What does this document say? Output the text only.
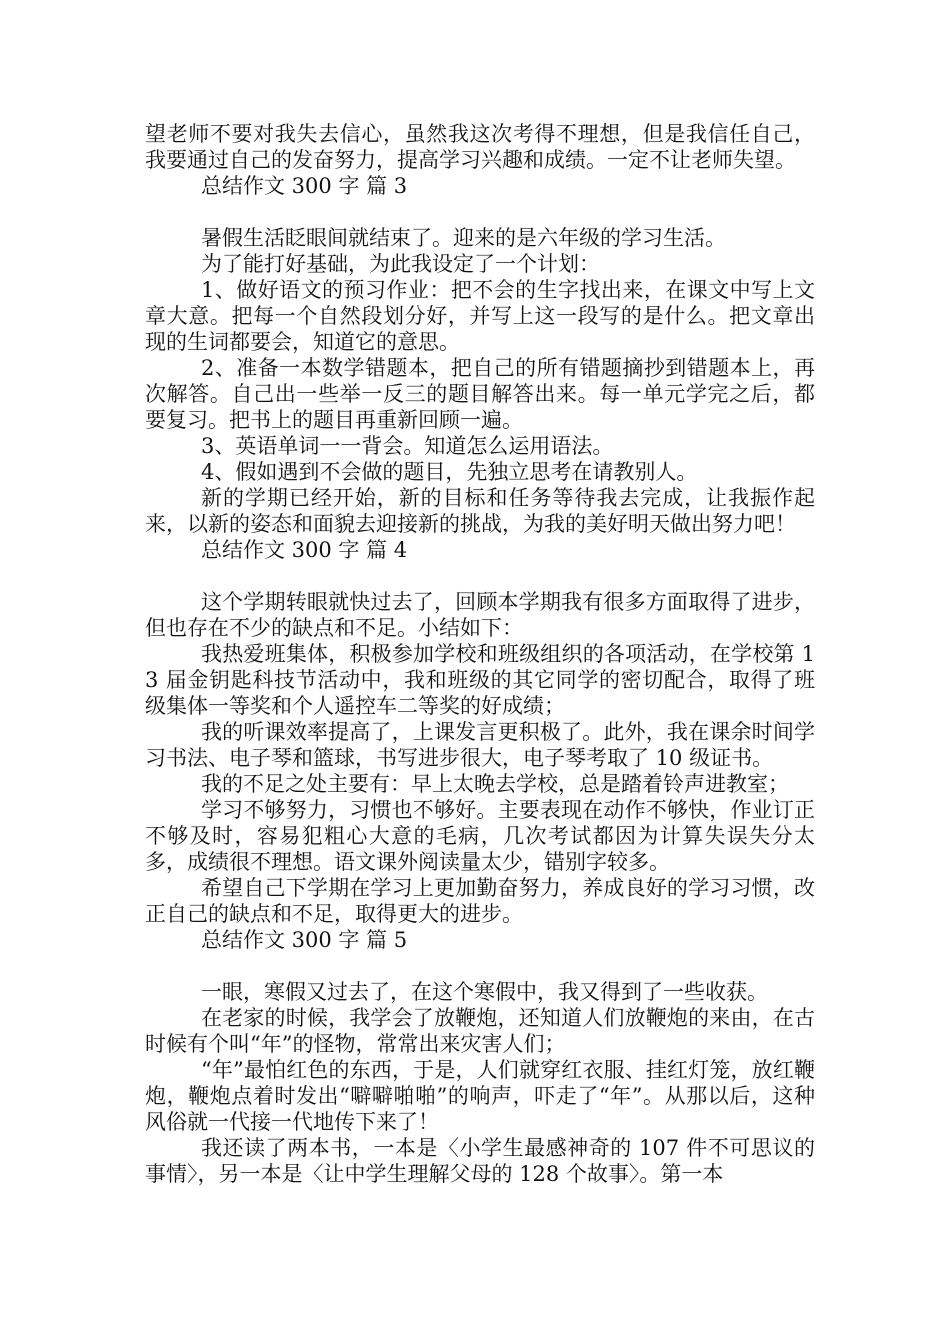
望老师不要对我失去信心，虽然我这次考得不理想，但是我信任自己，我要通过自己的发奋努力，提高学习兴趣和成绩。一定不让老师失望。

总结作文 300 字 篇 3

暑假生活眨眼间就结束了。迎来的是六年级的学习生活。

为了能打好基础，为此我设定了一个计划：

1、做好语文的预习作业：把不会的生字找出来，在课文中写上文章大意。把每一个自然段划分好，并写上这一段写的是什么。把文章出现的生词都要会，知道它的意思。

2、准备一本数学错题本，把自己的所有错题摘抄到错题本上，再次解答。自己出一些举一反三的题目解答出来。每一单元学完之后，都要复习。把书上的题目再重新回顾一遍。

3、英语单词一一背会。知道怎么运用语法。

4、假如遇到不会做的题目，先独立思考在请教别人。

新的学期已经开始，新的目标和任务等待我去完成，让我振作起来，以新的姿态和面貌去迎接新的挑战，为我的美好明天做出努力吧！

总结作文 300 字 篇 4

这个学期转眼就快过去了，回顾本学期我有很多方面取得了进步，但也存在不少的缺点和不足。小结如下：

我热爱班集体，积极参加学校和班级组织的各项活动，在学校第 13 届金钥匙科技节活动中，我和班级的其它同学的密切配合，取得了班级集体一等奖和个人遥控车二等奖的好成绩；

我的听课效率提高了，上课发言更积极了。此外，我在课余时间学习书法、电子琴和篮球，书写进步很大，电子琴考取了 10 级证书。

我的不足之处主要有：早上太晚去学校，总是踏着铃声进教室；

学习不够努力，习惯也不够好。主要表现在动作不够快，作业订正不够及时，容易犯粗心大意的毛病，几次考试都因为计算失误失分太多，成绩很不理想。语文课外阅读量太少，错别字较多。

希望自己下学期在学习上更加勤奋努力，养成良好的学习习惯，改正自己的缺点和不足，取得更大的进步。

总结作文 300 字 篇 5

一眼，寒假又过去了，在这个寒假中，我又得到了一些收获。

在老家的时候，我学会了放鞭炮，还知道人们放鞭炮的来由，在古时候有个叫“年”的怪物，常常出来灾害人们；

“年”最怕红色的东西，于是，人们就穿红衣服、挂红灯笼，放红鞭炮，鞭炮点着时发出“噼噼啪啪”的响声，吓走了“年”。从那以后，这种风俗就一代接一代地传下来了！

我还读了两本书，一本是〈小学生最感神奇的 107 件不可思议的事情〉，另一本是〈让中学生理解父母的 128 个故事〉。第一本
